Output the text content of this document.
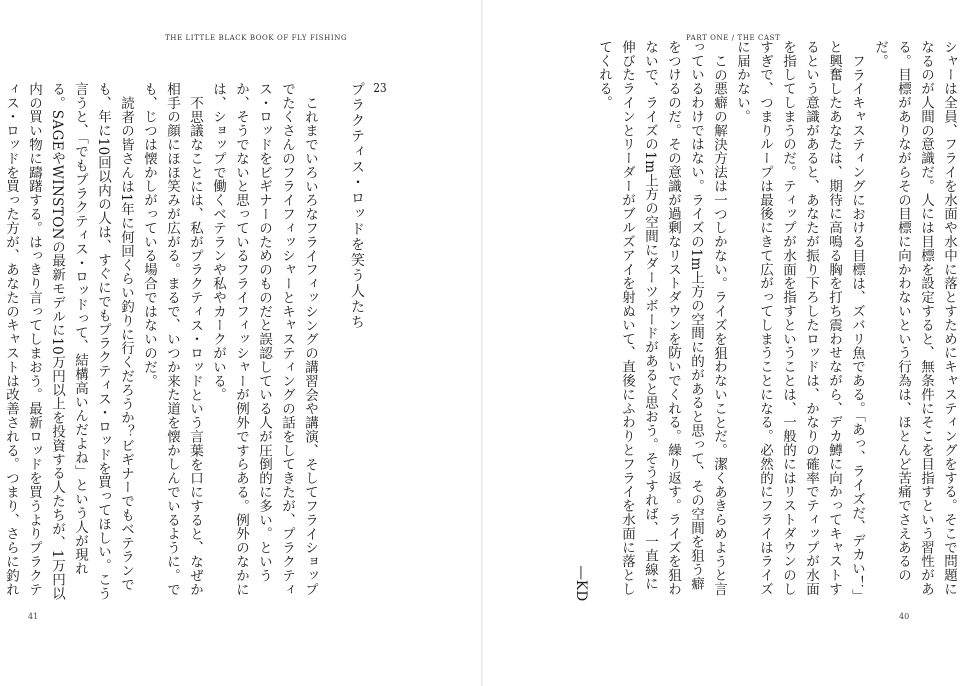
THE LITTLE BLACK BOOK OF FLY FISHING

23

プラクティス・ロッドを笑う人たち

これまでいろいろなフライフィッシングの講習会や講演、そしてフライショップでたくさんのフライフィッシャーとキャスティングの話をしてきたが、プラクティス・ロッドをビギナーのためのものだと誤認している人が圧倒的に多い。というか、そうでないと思っているフライフィッシャーが例外ですらある。例外のなかには、ショップで働くベテランや私やカークがいる。

不思議なことには、私がプラクティス・ロッドという言葉を口にすると、なぜか相手の顔にほほ笑みが広がる。まるで、いつか来た道を懐かしんでいるように。でも、じつは懐かしがっている場合ではないのだ。

読者の皆さんは1年に何回くらい釣りに行くだろうか？ビギナーでもベテランでも、年に10回以内の人は、すぐにでもプラクティス・ロッドを買ってほしい。こう言うと、「でもプラクティス・ロッドって、結構高いんだよね」という人が現れる。SAGEやWINSTONの最新モデルに10万円以上を投資する人たちが、1万円以内の買い物に躊躇する。はっきり言ってしまおう。最新ロッドを買うよりプラクティス・ロッドを買った方が、あなたのキャストは改善される。つまり、さらに釣れ

41
PART ONE / THE CAST

シャーは全員、フライを水面や水中に落とすためにキャスティングをする。そこで問題になるのが人間の意識だ。人には目標を設定すると、無条件にそこを目指すという習性がある。目標がありながらその目標に向かわないという行為は、ほとんど苦痛でさえあるのだ。

フライキャスティングにおける目標は、ズバリ魚である。「あっ、ライズだ、デカい！」と興奮したあなたは、期待に高鳴る胸を打ち震わせながら、デカ鱒に向かってキャストするという意識があると、あなたが振り下ろしたロッドは、かなりの確率でティップが水面を指してしまうのだ。ティップが水面を指すということは、一般的にはリストダウンのしすぎで、つまりループは最後にきて広がってしまうことになる。必然的にフライはライズに届かない。

この悪癖の解決方法は一つしかない。ライズを狙わないことだ。潔くあきらめようと言っているわけではない。ライズの1m上方の空間に的があると思って、その空間を狙う癖をつけるのだ。その意識が過剰なリストダウンを防いでくれる。繰り返す。ライズを狙わないで、ライズの1m上方の空間にダーツボードがあると思おう。そうすれば、一直線に伸びたラインとリーダーがブルズアイを射ぬいて、直後にふわりとフライを水面に落としてくれる。

―KD

40
